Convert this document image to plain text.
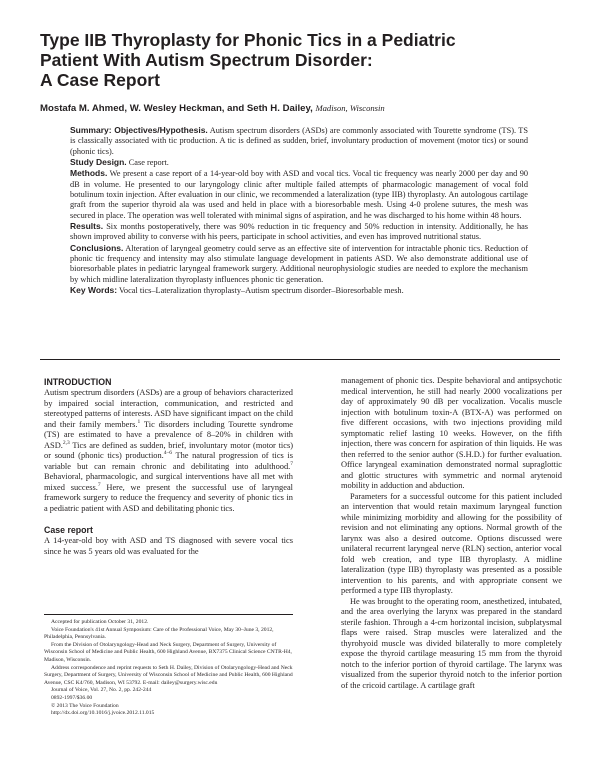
Type IIB Thyroplasty for Phonic Tics in a Pediatric
Patient With Autism Spectrum Disorder:
A Case Report
Mostafa M. Ahmed, W. Wesley Heckman, and Seth H. Dailey, Madison, Wisconsin

Summary: Objectives/Hypothesis. Autism spectrum disorders (ASDs) are commonly associated with Tourette syndrome (TS). TS is classically associated with tic production. A tic is defined as sudden, brief, involuntary production of movement (motor tics) or sound (phonic tics).

Study Design. Case report.

Methods. We present a case report of a 14-year-old boy with ASD and vocal tics. Vocal tic frequency was nearly 2000 per day and 90 dB in volume. He presented to our laryngology clinic after multiple failed attempts of pharmacologic management of vocal fold botulinum toxin injection. After evaluation in our clinic, we recommended a lateralization (type IIB) thyroplasty. An autologous cartilage graft from the superior thyroid ala was used and held in place with a bioresorbable mesh. Using 4-0 prolene sutures, the mesh was secured in place. The operation was well tolerated with minimal signs of aspiration, and he was discharged to his home within 48 hours.

Results. Six months postoperatively, there was 90% reduction in tic frequency and 50% reduction in intensity. Additionally, he has shown improved ability to converse with his peers, participate in school activities, and even has improved nutritional status.

Conclusions. Alteration of laryngeal geometry could serve as an effective site of intervention for intractable phonic tics. Reduction of phonic tic frequency and intensity may also stimulate language development in patients ASD. We also demonstrate additional use of bioresorbable plates in pediatric laryngeal framework surgery. Additional neurophysiologic studies are needed to explore the mechanism by which midline lateralization thyroplasty influences phonic tic generation.

Key Words: Vocal tics–Lateralization thyroplasty–Autism spectrum disorder–Bioresorbable mesh.

INTRODUCTION

Autism spectrum disorders (ASDs) are a group of behaviors characterized by impaired social interaction, communication, and restricted and stereotyped patterns of interests. ASD have significant impact on the child and their family members.$^1$ Tic disorders including Tourette syndrome (TS) are estimated to have a prevalence of 8–20% in children with ASD.$^{2,3}$ Tics are defined as sudden, brief, involuntary motor (motor tics) or sound (phonic tics) production.$^{4-6}$ The natural progression of tics is variable but can remain chronic and debilitating into adulthood.$^7$ Behavioral, pharmacologic, and surgical interventions have all met with mixed success.$^7$ Here, we present the successful use of laryngeal framework surgery to reduce the frequency and severity of phonic tics in a pediatric patient with ASD and debilitating phonic tics.

Case report

A 14-year-old boy with ASD and TS diagnosed with severe vocal tics since he was 5 years old was evaluated for the

Accepted for publication October 31, 2012.

Voice Foundation's 41st Annual Symposium: Care of the Professional Voice, May 30–June 3, 2012, Philadelphia, Pennsylvania.

From the Division of Otolaryngology-Head and Neck Surgery, Department of Surgery, University of Wisconsin School of Medicine and Public Health, 600 Highland Avenue, BX7375 Clinical Science CNTR-H4, Madison, Wisconsin.

Address correspondence and reprint requests to Seth H. Dailey, Division of Otolaryngology-Head and Neck Surgery, Department of Surgery, University of Wisconsin School of Medicine and Public Health, 600 Highland Avenue, CSC K4/760, Madison, WI 53792. E-mail: dailey@surgery.wisc.edu

Journal of Voice, Vol. 27, No. 2, pp. 242-244

0892-1997/$36.00

© 2013 The Voice Foundation

http://dx.doi.org/10.1016/j.jvoice.2012.11.015

management of phonic tics. Despite behavioral and antipsychotic medical intervention, he still had nearly 2000 vocalizations per day of approximately 90 dB per vocalization. Vocalis muscle injection with botulinum toxin-A (BTX-A) was performed on five different occasions, with two injections providing mild symptomatic relief lasting 10 weeks. However, on the fifth injection, there was concern for aspiration of thin liquids. He was then referred to the senior author (S.H.D.) for further evaluation. Office laryngeal examination demonstrated normal supraglottic and glottic structures with symmetric and normal arytenoid mobility in adduction and abduction.

Parameters for a successful outcome for this patient included an intervention that would retain maximum laryngeal function while minimizing morbidity and allowing for the possibility of revision and not eliminating any options. Normal growth of the larynx was also a desired outcome. Options discussed were unilateral recurrent laryngeal nerve (RLN) section, anterior vocal fold web creation, and type IIB thyroplasty. A midline lateralization (type IIB) thyroplasty was presented as a possible intervention to his parents, and with appropriate consent we performed a type IIB thyroplasty.

He was brought to the operating room, anesthetized, intubated, and the area overlying the larynx was prepared in the standard sterile fashion. Through a 4-cm horizontal incision, subplatysmal flaps were raised. Strap muscles were lateralized and the thyrohyoid muscle was divided bilaterally to more completely expose the thyroid cartilage measuring 15 mm from the thyroid notch to the inferior portion of thyroid cartilage. The larynx was visualized from the superior thyroid notch to the inferior portion of the cricoid cartilage. A cartilage graft
